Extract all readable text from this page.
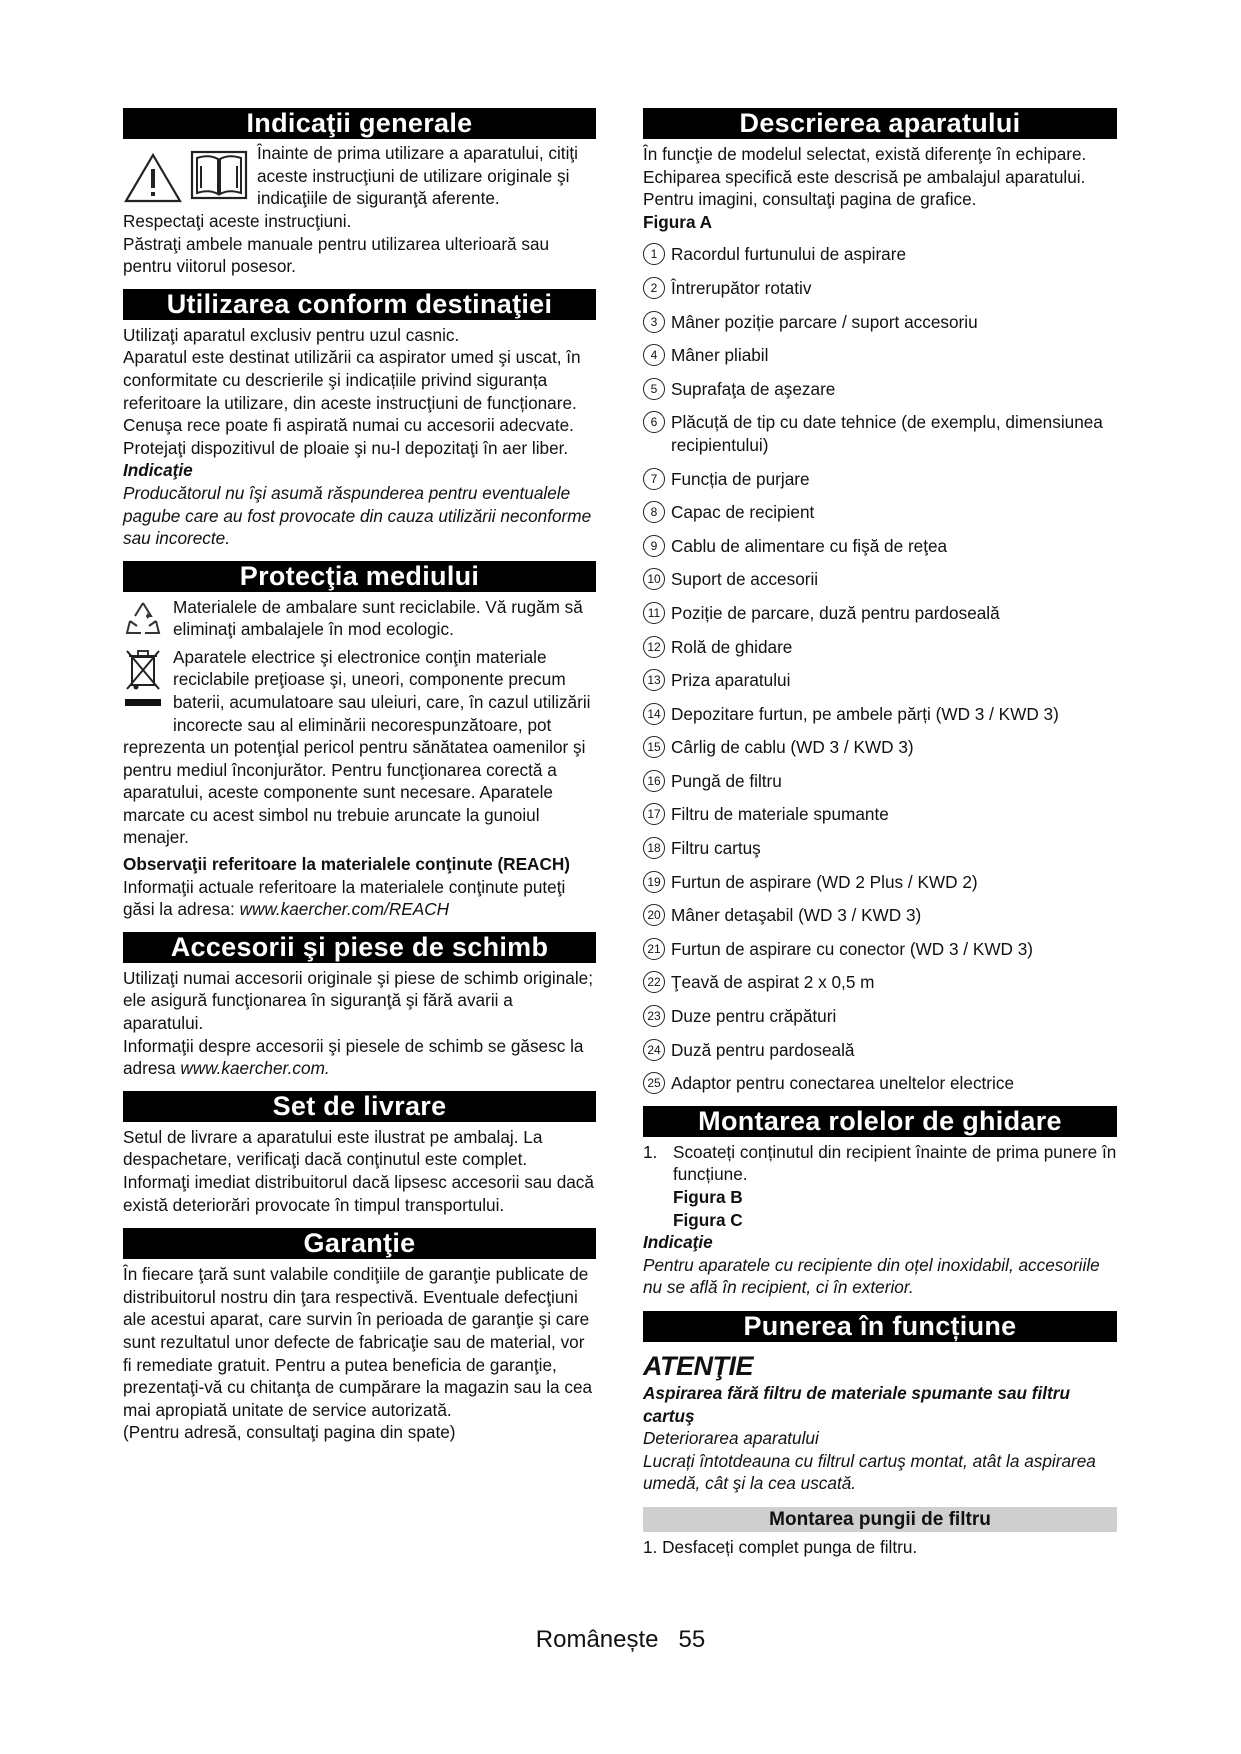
Indicaţii generale

Înainte de prima utilizare a aparatului, citiţi aceste instrucţiuni de utilizare originale şi indicaţiile de siguranţă aferente.

Respectaţi aceste instrucţiuni.

Păstraţi ambele manuale pentru utilizarea ulterioară sau pentru viitorul posesor.

Utilizarea conform destinaţiei

Utilizaţi aparatul exclusiv pentru uzul casnic.

Aparatul este destinat utilizării ca aspirator umed şi uscat, în conformitate cu descrierile şi indicațiile privind siguranța referitoare la utilizare, din aceste instrucţiuni de funcționare.

Cenuşa rece poate fi aspirată numai cu accesorii adecvate.

Protejaţi dispozitivul de ploaie şi nu-l depozitaţi în aer liber.

Indicaţie

Producătorul nu îşi asumă răspunderea pentru eventualele pagube care au fost provocate din cauza utilizării neconforme sau incorecte.

Protecţia mediului

Materialele de ambalare sunt reciclabile. Vă rugăm să eliminaţi ambalajele în mod ecologic.

Aparatele electrice şi electronice conţin materiale reciclabile preţioase şi, uneori, componente precum baterii, acumulatoare sau uleiuri, care, în cazul utilizării incorecte sau al eliminării necorespunzătoare, pot reprezenta un potenţial pericol pentru sănătatea oamenilor şi pentru mediul înconjurător. Pentru funcţionarea corectă a aparatului, aceste componente sunt necesare. Aparatele marcate cu acest simbol nu trebuie aruncate la gunoiul menajer.

Observaţii referitoare la materialele conţinute (REACH)

Informaţii actuale referitoare la materialele conţinute puteţi găsi la adresa: www.kaercher.com/REACH

Accesorii şi piese de schimb

Utilizaţi numai accesorii originale şi piese de schimb originale; ele asigură funcţionarea în siguranţă şi fără avarii a aparatului.

Informaţii despre accesorii şi piesele de schimb se găsesc la adresa www.kaercher.com.

Set de livrare

Setul de livrare a aparatului este ilustrat pe ambalaj. La despachetare, verificaţi dacă conţinutul este complet. Informaţi imediat distribuitorul dacă lipsesc accesorii sau dacă există deteriorări provocate în timpul transportului.

Garanţie

În fiecare ţară sunt valabile condiţiile de garanţie publicate de distribuitorul nostru din ţara respectivă. Eventuale defecţiuni ale acestui aparat, care survin în perioada de garanţie şi care sunt rezultatul unor defecte de fabricaţie sau de material, vor fi remediate gratuit. Pentru a putea beneficia de garanţie, prezentaţi-vă cu chitanţa de cumpărare la magazin sau la cea mai apropiată unitate de service autorizată.

(Pentru adresă, consultaţi pagina din spate)

Descrierea aparatului

În funcţie de modelul selectat, există diferenţe în echipare. Echiparea specifică este descrisă pe ambalajul aparatului.

Pentru imagini, consultaţi pagina de grafice.

Figura A

1 Racordul furtunului de aspirare
2 Întrerupător rotativ
3 Mâner poziție parcare / suport accesoriu
4 Mâner pliabil
5 Suprafaţa de aşezare
6 Plăcuță de tip cu date tehnice (de exemplu, dimensiunea recipientului)
7 Funcția de purjare
8 Capac de recipient
9 Cablu de alimentare cu fişă de reţea
10 Suport de accesorii
11 Poziție de parcare, duză pentru pardoseală
12 Rolă de ghidare
13 Priza aparatului
14 Depozitare furtun, pe ambele părți (WD 3 / KWD 3)
15 Cârlig de cablu (WD 3 / KWD 3)
16 Pungă de filtru
17 Filtru de materiale spumante
18 Filtru cartuş
19 Furtun de aspirare (WD 2 Plus / KWD 2)
20 Mâner detaşabil (WD 3 / KWD 3)
21 Furtun de aspirare cu conector (WD 3 / KWD 3)
22 Ţeavă de aspirat 2 x 0,5 m
23 Duze pentru crăpături
24 Duză pentru pardoseală
25 Adaptor pentru conectarea uneltelor electrice
Montarea rolelor de ghidare
1. Scoateți conținutul din recipient înainte de prima punere în funcțiune.

Figura B

Figura C

Indicaţie

Pentru aparatele cu recipiente din oțel inoxidabil, accesoriile nu se află în recipient, ci în exterior.

Punerea în funcțiune
ATENŢIE

Aspirarea fără filtru de materiale spumante sau filtru cartuş

Deteriorarea aparatului

Lucrați întotdeauna cu filtrul cartuş montat, atât la aspirarea umedă, cât şi la cea uscată.

Montarea pungii de filtru

1. Desfaceți complet punga de filtru.

Românește 55
